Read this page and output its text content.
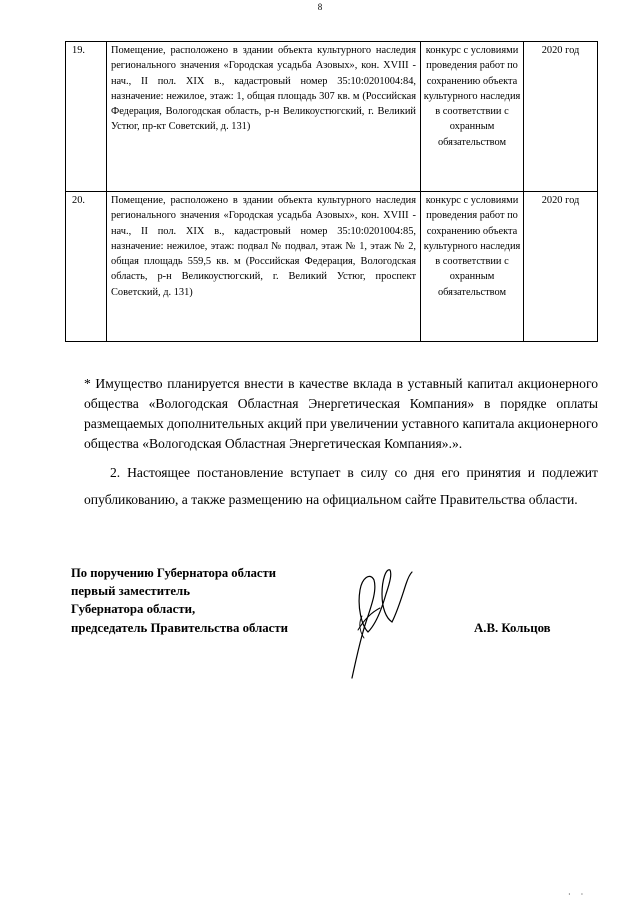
8
19.	Помещение, расположено в здании объекта культурного наследия регионального значения «Городская усадьба Азовых», кон. XVIII - нач., II пол. XIX в., кадастровый номер 35:10:0201004:84, назначение: нежилое, этаж: 1, общая площадь 307 кв. м (Российская Федерация, Вологодская область, р-н Великоустюгский, г. Великий Устюг, пр-кт Советский, д. 131)	конкурс с условиями проведения работ по сохранению объекта культурного наследия в соответствии с охранным обязательством	2020 год
20.	Помещение, расположено в здании объекта культурного наследия регионального значения «Городская усадьба Азовых», кон. XVIII - нач., II пол. XIX в., кадастровый номер 35:10:0201004:85, назначение: нежилое, этаж: подвал № подвал, этаж № 1, этаж № 2, общая площадь 559,5 кв. м (Российская Федерация, Вологодская область, р-н Великоустюгский, г. Великий Устюг, проспект Советский, д. 131)	конкурс с условиями проведения работ по сохранению объекта культурного наследия в соответствии с охранным обязательством	2020 год

* Имущество планируется внести в качестве вклада в уставный капитал акционерного общества «Вологодская Областная Энергетическая Компания» в порядке оплаты размещаемых дополнительных акций при увеличении уставного капитала акционерного общества «Вологодская Областная Энергетическая Компания».».

2. Настоящее постановление вступает в силу со дня его принятия и подлежит опубликованию, а также размещению на официальном сайте Правительства области.

По поручению Губернатора области

первый заместитель

Губернатора области,

председатель Правительства области	А.В. Кольцов
· ·
